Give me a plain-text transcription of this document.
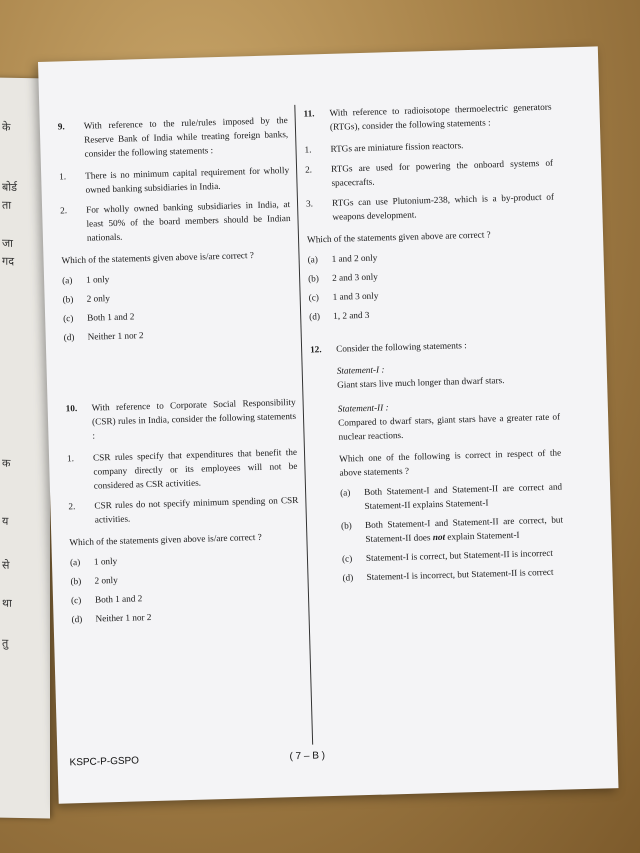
के
बोर्ड
ता
जा
गद
क
य
से
था
तु
9. With reference to the rule/rules imposed by the Reserve Bank of India while treating foreign banks, consider the following statements :
1. There is no minimum capital requirement for wholly owned banking subsidiaries in India.
2. For wholly owned banking subsidiaries in India, at least 50% of the board members should be Indian nationals.
Which of the statements given above is/are correct ?
(a) 1 only
(b) 2 only
(c) Both 1 and 2
(d) Neither 1 nor 2
10. With reference to Corporate Social Responsibility (CSR) rules in India, consider the following statements :
1. CSR rules specify that expenditures that benefit the company directly or its employees will not be considered as CSR activities.
2. CSR rules do not specify minimum spending on CSR activities.
Which of the statements given above is/are correct ?
(a) 1 only
(b) 2 only
(c) Both 1 and 2
(d) Neither 1 nor 2
11. With reference to radioisotope thermoelectric generators (RTGs), consider the following statements :
1. RTGs are miniature fission reactors.
2. RTGs are used for powering the onboard systems of spacecrafts.
3. RTGs can use Plutonium-238, which is a by-product of weapons development.
Which of the statements given above are correct ?
(a) 1 and 2 only
(b) 2 and 3 only
(c) 1 and 3 only
(d) 1, 2 and 3
12. Consider the following statements :
Statement-I :
Giant stars live much longer than dwarf stars.
Statement-II :
Compared to dwarf stars, giant stars have a greater rate of nuclear reactions.
Which one of the following is correct in respect of the above statements ?
(a) Both Statement-I and Statement-II are correct and Statement-II explains Statement-I
(b) Both Statement-I and Statement-II are correct, but Statement-II does not explain Statement-I
(c) Statement-I is correct, but Statement-II is incorrect
(d) Statement-I is incorrect, but Statement-II is correct
KSPC-P-GSPO	( 7 – B )
